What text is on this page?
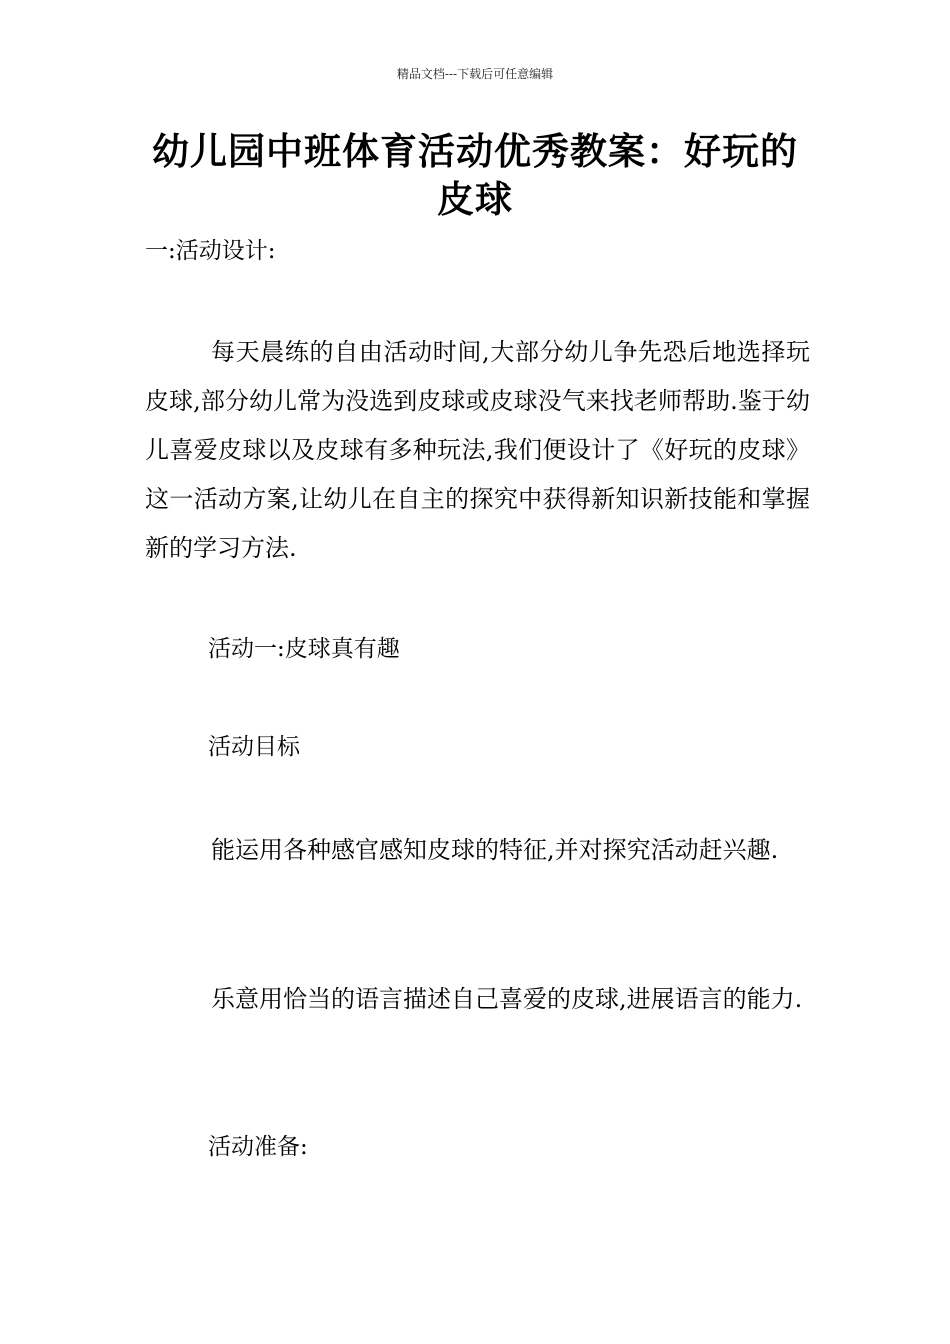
精品文档---下载后可任意编辑
幼儿园中班体育活动优秀教案：好玩的皮球
一:活动设计:

每天晨练的自由活动时间,大部分幼儿争先恐后地选择玩皮球,部分幼儿常为没选到皮球或皮球没气来找老师帮助.鉴于幼儿喜爱皮球以及皮球有多种玩法,我们便设计了《好玩的皮球》这一活动方案,让幼儿在自主的探究中获得新知识新技能和掌握新的学习方法.

活动一:皮球真有趣
活动目标

能运用各种感官感知皮球的特征,并对探究活动赶兴趣.

乐意用恰当的语言描述自己喜爱的皮球,进展语言的能力.

活动准备:
